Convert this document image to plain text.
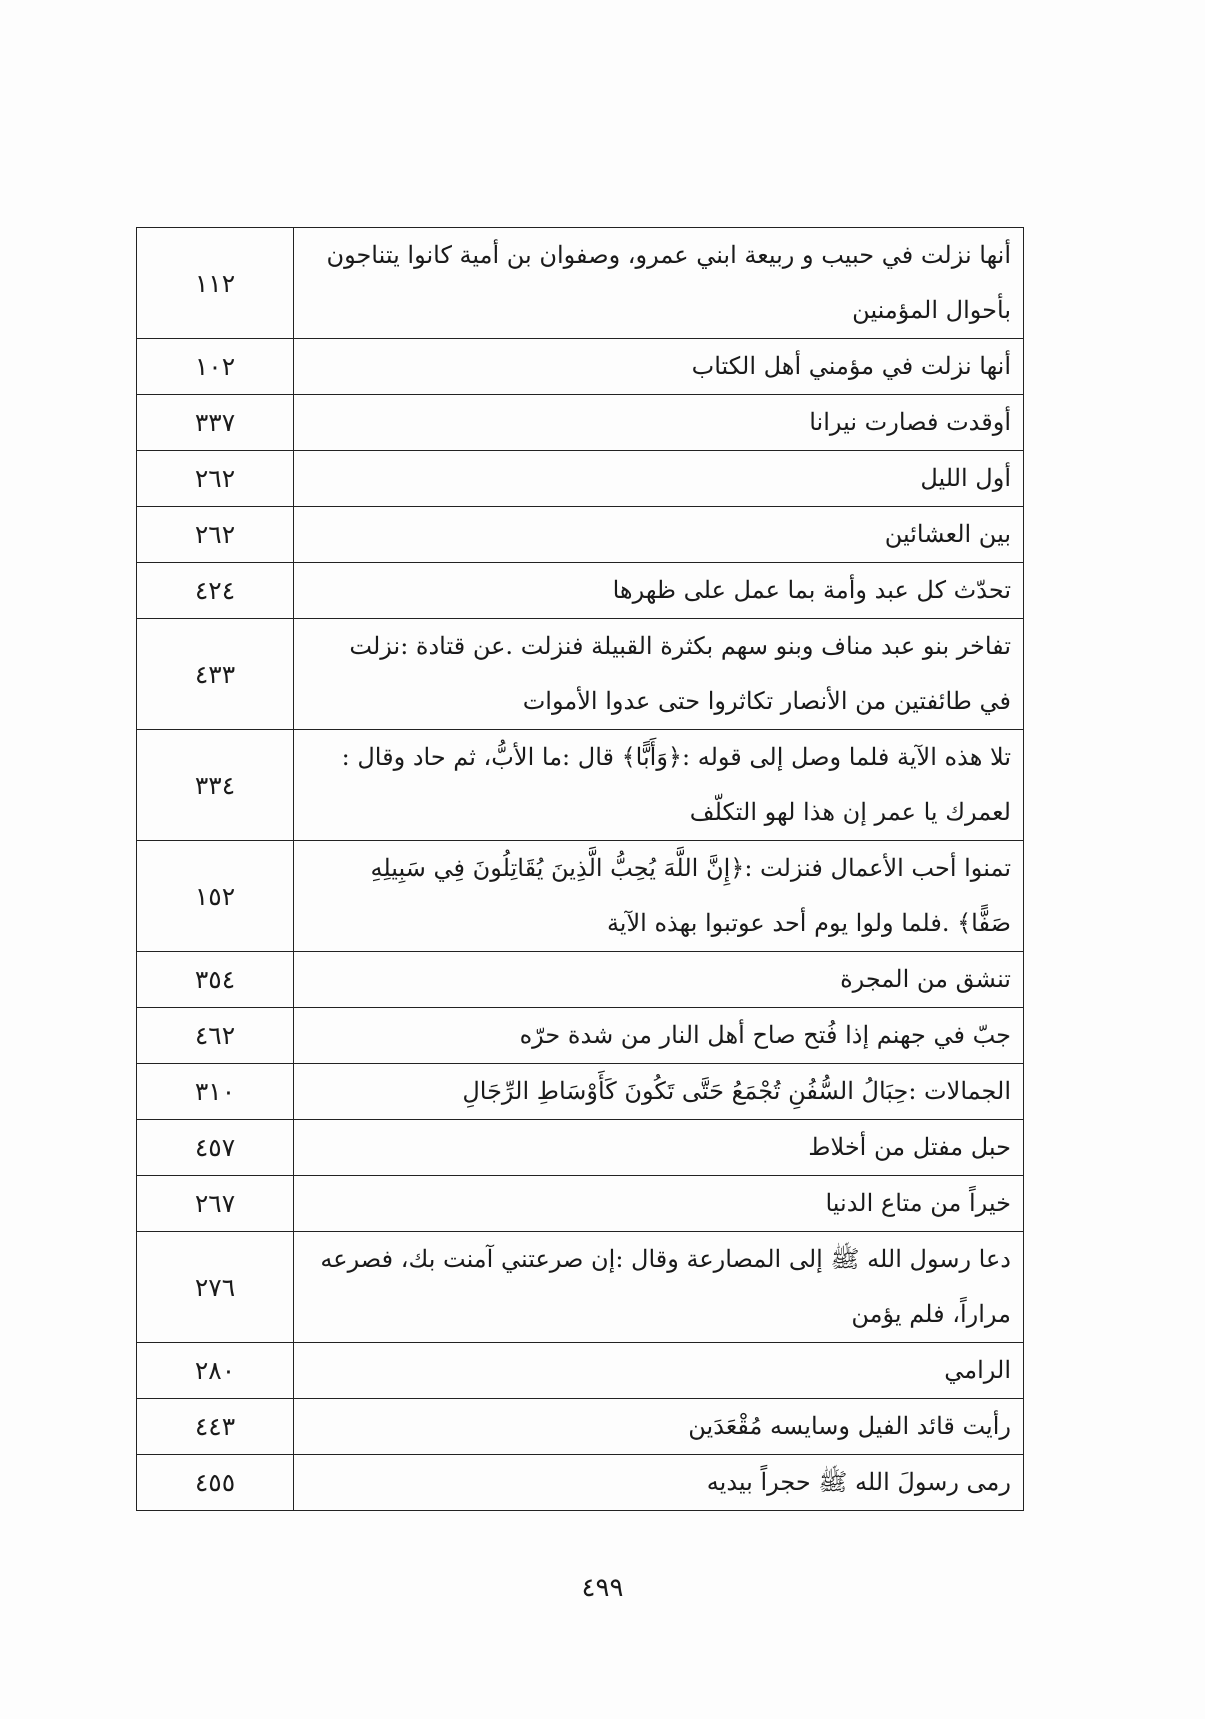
١١٢	أنها نزلت في حبيب و ربيعة ابني عمرو، وصفوان بن أمية كانوا يتناجون بأحوال المؤمنين
١٠٢	أنها نزلت في مؤمني أهل الكتاب
٣٣٧	أوقدت فصارت نيرانا
٢٦٢	أول الليل
٢٦٢	بين العشائين
٤٢٤	تحدّث كل عبد وأمة بما عمل على ظهرها
٤٣٣	تفاخر بنو عبد مناف وبنو سهم بكثرة القبيلة فنزلت .عن قتادة :نزلت في طائفتين من الأنصار تكاثروا حتى عدوا الأموات
٣٣٤	تلا هذه الآية فلما وصل إلى قوله :﴿وَأَبًّا﴾ قال :ما الأبُّ، ثم حاد وقال : لعمرك يا عمر إن هذا لهو التكلّف
١٥٢	تمنوا أحب الأعمال فنزلت :﴿إِنَّ اللَّهَ يُحِبُّ الَّذِينَ يُقَاتِلُونَ فِي سَبِيلِهِ صَفًّا﴾ .فلما ولوا يوم أحد عوتبوا بهذه الآية
٣٥٤	تنشق من المجرة
٤٦٢	جبّ في جهنم إذا فُتح صاح أهل النار من شدة حرّه
٣١٠	الجمالات :حِبَالُ السُّفُنِ تُجْمَعُ حَتَّى تَكُونَ كَأَوْسَاطِ الرِّجَالِ
٤٥٧	حبل مفتل من أخلاط
٢٦٧	خيراً من متاع الدنيا
٢٧٦	دعا رسول الله ﷺ إلى المصارعة وقال :إن صرعتني آمنت بك، فصرعه مراراً، فلم يؤمن
٢٨٠	الرامي
٤٤٣	رأيت قائد الفيل وسايسه مُقْعَدَين
٤٥٥	رمى رسولَ الله ﷺ حجراً بيديه
٤٩٩
